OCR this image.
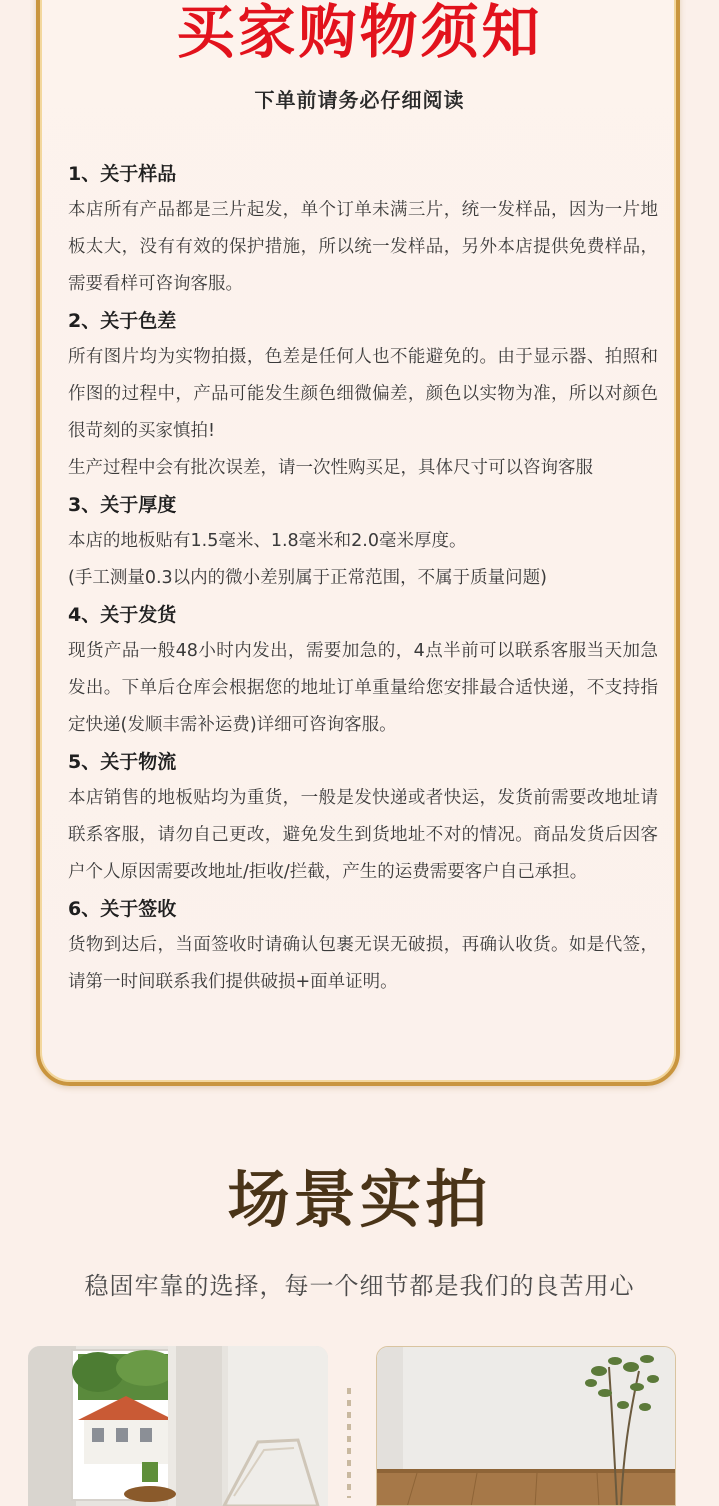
买家购物须知
下单前请务必仔细阅读
1、关于样品

本店所有产品都是三片起发，单个订单未满三片，统一发样品，因为一片地板太大，没有有效的保护措施，所以统一发样品，另外本店提供免费样品，需要看样可咨询客服。

2、关于色差

所有图片均为实物拍摄，色差是任何人也不能避免的。由于显示器、拍照和作图的过程中，产品可能发生颜色细微偏差，颜色以实物为准，所以对颜色很苛刻的买家慎拍!

生产过程中会有批次误差，请一次性购买足，具体尺寸可以咨询客服

3、关于厚度

本店的地板贴有1.5毫米、1.8毫米和2.0毫米厚度。

(手工测量0.3以内的微小差别属于正常范围，不属于质量问题)

4、关于发货

现货产品一般48小时内发出，需要加急的，4点半前可以联系客服当天加急发出。下单后仓库会根据您的地址订单重量给您安排最合适快递，不支持指定快递(发顺丰需补运费)详细可咨询客服。

5、关于物流

本店销售的地板贴均为重货，一般是发快递或者快运，发货前需要改地址请联系客服，请勿自己更改，避免发生到货地址不对的情况。商品发货后因客户个人原因需要改地址/拒收/拦截，产生的运费需要客户自己承担。

6、关于签收

货物到达后，当面签收时请确认包裹无误无破损，再确认收货。如是代签，请第一时间联系我们提供破损+面单证明。

场景实拍
稳固牢靠的选择，每一个细节都是我们的良苦用心
